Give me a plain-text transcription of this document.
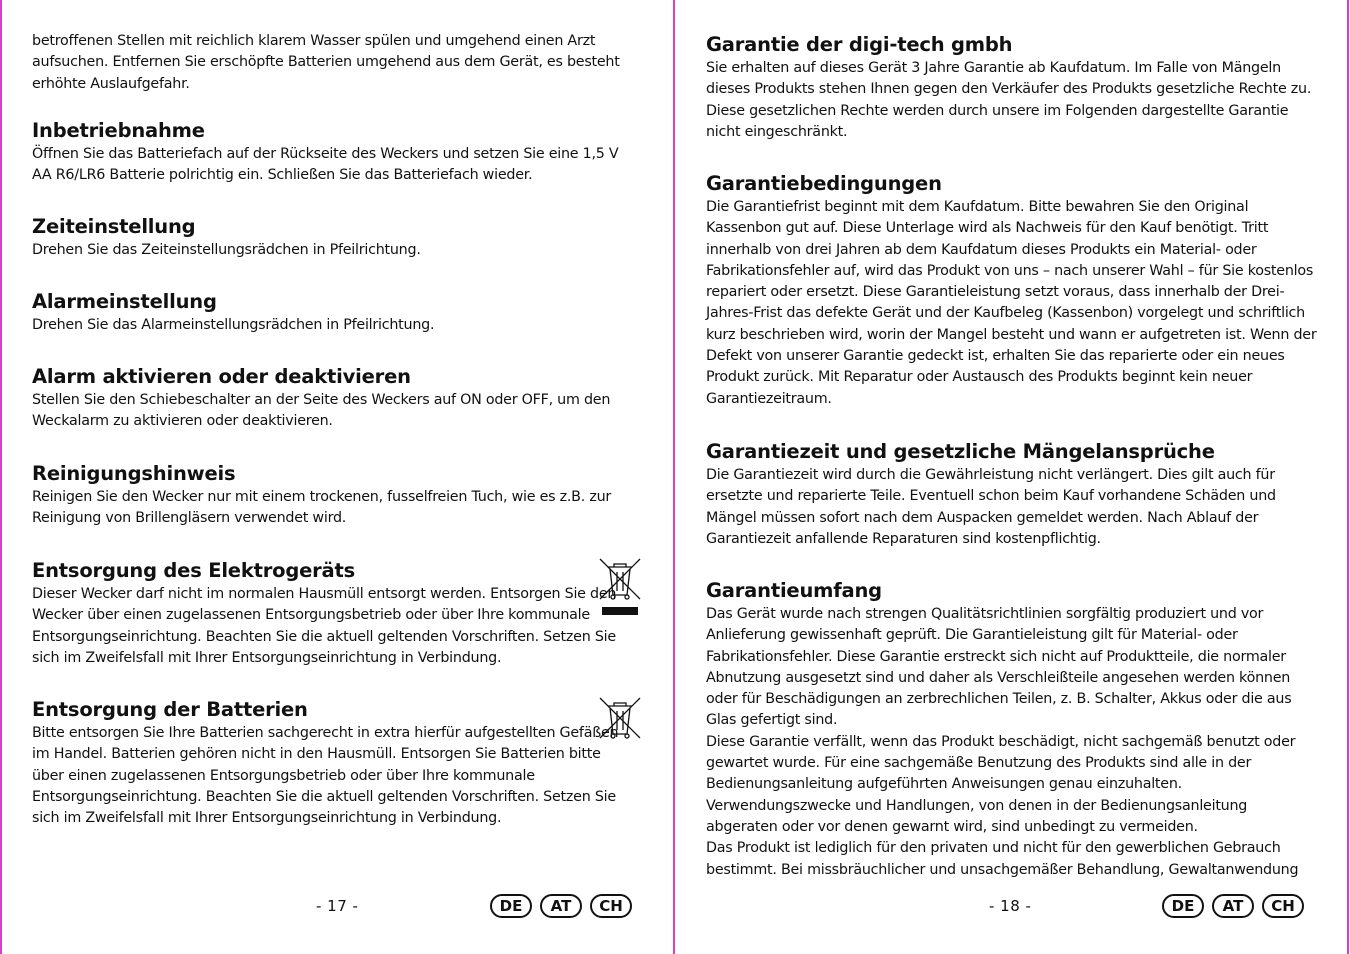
betroffenen Stellen mit reichlich klarem Wasser spülen und umgehend einen Arzt aufsuchen. Entfernen Sie erschöpfte Batterien umgehend aus dem Gerät, es besteht erhöhte Auslaufgefahr.

Inbetriebnahme

Öffnen Sie das Batteriefach auf der Rückseite des Weckers und setzen Sie eine 1,5 V AA R6/LR6 Batterie polrichtig ein. Schließen Sie das Batteriefach wieder.

Zeiteinstellung

Drehen Sie das Zeiteinstellungsrädchen in Pfeilrichtung.

Alarmeinstellung

Drehen Sie das Alarmeinstellungsrädchen in Pfeilrichtung.

Alarm aktivieren oder deaktivieren

Stellen Sie den Schiebeschalter an der Seite des Weckers auf ON oder OFF, um den Weckalarm zu aktivieren oder deaktivieren.

Reinigungshinweis

Reinigen Sie den Wecker nur mit einem trockenen, fusselfreien Tuch, wie es z.B. zur Reinigung von Brillengläsern verwendet wird.

Entsorgung des Elektrogeräts

Dieser Wecker darf nicht im normalen Hausmüll entsorgt werden. Entsorgen Sie den Wecker über einen zugelassenen Entsorgungsbetrieb oder über Ihre kommunale Entsorgungseinrichtung. Beachten Sie die aktuell geltenden Vorschriften. Setzen Sie sich im Zweifelsfall mit Ihrer Entsorgungseinrichtung in Verbindung.

Entsorgung der Batterien

Bitte entsorgen Sie Ihre Batterien sachgerecht in extra hierfür aufgestellten Gefäßen im Handel. Batterien gehören nicht in den Hausmüll. Entsorgen Sie Batterien bitte über einen zugelassenen Entsorgungsbetrieb oder über Ihre kommunale Entsorgungseinrichtung. Beachten Sie die aktuell geltenden Vorschriften. Setzen Sie sich im Zweifelsfall mit Ihrer Entsorgungseinrichtung in Verbindung.

- 17 -	DE	AT	CH
Garantie der digi-tech gmbh

Sie erhalten auf dieses Gerät 3 Jahre Garantie ab Kaufdatum. Im Falle von Mängeln dieses Produkts stehen Ihnen gegen den Verkäufer des Produkts gesetzliche Rechte zu. Diese gesetzlichen Rechte werden durch unsere im Folgenden dargestellte Garantie nicht eingeschränkt.

Garantiebedingungen

Die Garantiefrist beginnt mit dem Kaufdatum. Bitte bewahren Sie den Original Kassenbon gut auf. Diese Unterlage wird als Nachweis für den Kauf benötigt. Tritt innerhalb von drei Jahren ab dem Kaufdatum dieses Produkts ein Material- oder Fabrikationsfehler auf, wird das Produkt von uns – nach unserer Wahl – für Sie kostenlos repariert oder ersetzt. Diese Garantieleistung setzt voraus, dass innerhalb der Drei-Jahres-Frist das defekte Gerät und der Kaufbeleg (Kassenbon) vorgelegt und schriftlich kurz beschrieben wird, worin der Mangel besteht und wann er aufgetreten ist. Wenn der Defekt von unserer Garantie gedeckt ist, erhalten Sie das reparierte oder ein neues Produkt zurück. Mit Reparatur oder Austausch des Produkts beginnt kein neuer Garantiezeitraum.

Garantiezeit und gesetzliche Mängelansprüche

Die Garantiezeit wird durch die Gewährleistung nicht verlängert. Dies gilt auch für ersetzte und reparierte Teile. Eventuell schon beim Kauf vorhandene Schäden und Mängel müssen sofort nach dem Auspacken gemeldet werden. Nach Ablauf der Garantiezeit anfallende Reparaturen sind kostenpflichtig.

Garantieumfang

Das Gerät wurde nach strengen Qualitätsrichtlinien sorgfältig produziert und vor Anlieferung gewissenhaft geprüft. Die Garantieleistung gilt für Material- oder Fabrikationsfehler. Diese Garantie erstreckt sich nicht auf Produktteile, die normaler Abnutzung ausgesetzt sind und daher als Verschleißteile angesehen werden können oder für Beschädigungen an zerbrechlichen Teilen, z. B. Schalter, Akkus oder die aus Glas gefertigt sind.

Diese Garantie verfällt, wenn das Produkt beschädigt, nicht sachgemäß benutzt oder gewartet wurde. Für eine sachgemäße Benutzung des Produkts sind alle in der Bedienungsanleitung aufgeführten Anweisungen genau einzuhalten. Verwendungszwecke und Handlungen, von denen in der Bedienungsanleitung abgeraten oder vor denen gewarnt wird, sind unbedingt zu vermeiden.

Das Produkt ist lediglich für den privaten und nicht für den gewerblichen Gebrauch bestimmt. Bei missbräuchlicher und unsachgemäßer Behandlung, Gewaltanwendung

- 18 -	DE	AT	CH
